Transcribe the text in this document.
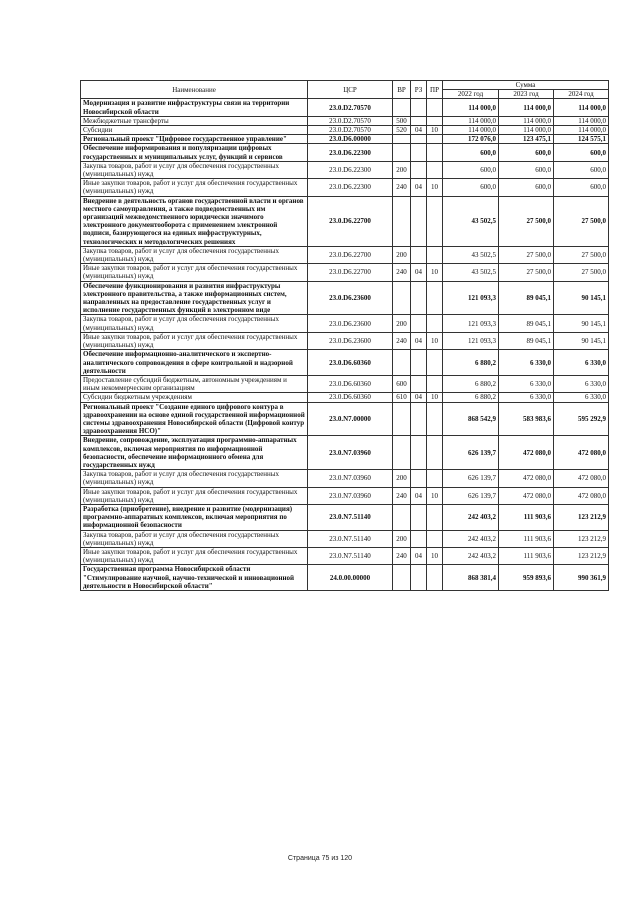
Наименование	ЦСР	ВР	РЗ	ПР	Сумма		
					2022 год	2023 год	2024 год
Модернизация и развитие инфраструктуры связи на территории Новосибирской области	23.0.D2.70570				114 000,0	114 000,0	114 000,0
Межбюджетные трансферты	23.0.D2.70570	500			114 000,0	114 000,0	114 000,0
Субсидии	23.0.D2.70570	520	04	10	114 000,0	114 000,0	114 000,0
Региональный проект "Цифровое государственное управление"	23.0.D6.00000				172 076,0	123 475,1	124 575,1
Обеспечение информирования и популяризации цифровых государственных и муниципальных услуг, функций и сервисов	23.0.D6.22300				600,0	600,0	600,0
Закупка товаров, работ и услуг для обеспечения государственных (муниципальных) нужд	23.0.D6.22300	200			600,0	600,0	600,0
Иные закупки товаров, работ и услуг для обеспечения государственных (муниципальных) нужд	23.0.D6.22300	240	04	10	600,0	600,0	600,0
Внедрение в деятельность органов государственной власти и органов местного самоуправления, а также подведомственных им организаций межведомственного юридически значимого электронного документооборота с применением электронной подписи, базирующегося на единых инфраструктурных, технологических и методологических решениях	23.0.D6.22700				43 502,5	27 500,0	27 500,0
Закупка товаров, работ и услуг для обеспечения государственных (муниципальных) нужд	23.0.D6.22700	200			43 502,5	27 500,0	27 500,0
Иные закупки товаров, работ и услуг для обеспечения государственных (муниципальных) нужд	23.0.D6.22700	240	04	10	43 502,5	27 500,0	27 500,0
Обеспечение функционирования и развития инфраструктуры электронного правительства, а также информационных систем, направленных на предоставление государственных услуг и исполнение государственных функций в электронном виде	23.0.D6.23600				121 093,3	89 045,1	90 145,1
Закупка товаров, работ и услуг для обеспечения государственных (муниципальных) нужд	23.0.D6.23600	200			121 093,3	89 045,1	90 145,1
Иные закупки товаров, работ и услуг для обеспечения государственных (муниципальных) нужд	23.0.D6.23600	240	04	10	121 093,3	89 045,1	90 145,1
Обеспечение информационно-аналитического и экспертно-аналитического сопровождения в сфере контрольной и надзорной деятельности	23.0.D6.60360				6 880,2	6 330,0	6 330,0
Предоставление субсидий бюджетным, автономным учреждениям и иным некоммерческим организациям	23.0.D6.60360	600			6 880,2	6 330,0	6 330,0
Субсидии бюджетным учреждениям	23.0.D6.60360	610	04	10	6 880,2	6 330,0	6 330,0
Региональный проект "Создание единого цифрового контура в здравоохранении на основе единой государственной информационной системы здравоохранения Новосибирской области (Цифровой контур здравоохранения НСО)"	23.0.N7.00000				868 542,9	583 983,6	595 292,9
Внедрение, сопровождение, эксплуатация программно-аппаратных комплексов, включая мероприятия по информационной безопасности, обеспечение информационного обмена для государственных нужд	23.0.N7.03960				626 139,7	472 080,0	472 080,0
Закупка товаров, работ и услуг для обеспечения государственных (муниципальных) нужд	23.0.N7.03960	200			626 139,7	472 080,0	472 080,0
Иные закупки товаров, работ и услуг для обеспечения государственных (муниципальных) нужд	23.0.N7.03960	240	04	10	626 139,7	472 080,0	472 080,0
Разработка (приобретение), внедрение и развитие (модернизация) программно-аппаратных комплексов, включая мероприятия по информационной безопасности	23.0.N7.51140				242 403,2	111 903,6	123 212,9
Закупка товаров, работ и услуг для обеспечения государственных (муниципальных) нужд	23.0.N7.51140	200			242 403,2	111 903,6	123 212,9
Иные закупки товаров, работ и услуг для обеспечения государственных (муниципальных) нужд	23.0.N7.51140	240	04	10	242 403,2	111 903,6	123 212,9
Государственная программа Новосибирской области "Стимулирование научной, научно-технической и инновационной деятельности в Новосибирской области"	24.0.00.00000				868 381,4	959 893,6	990 361,9
Страница 75 из 120
